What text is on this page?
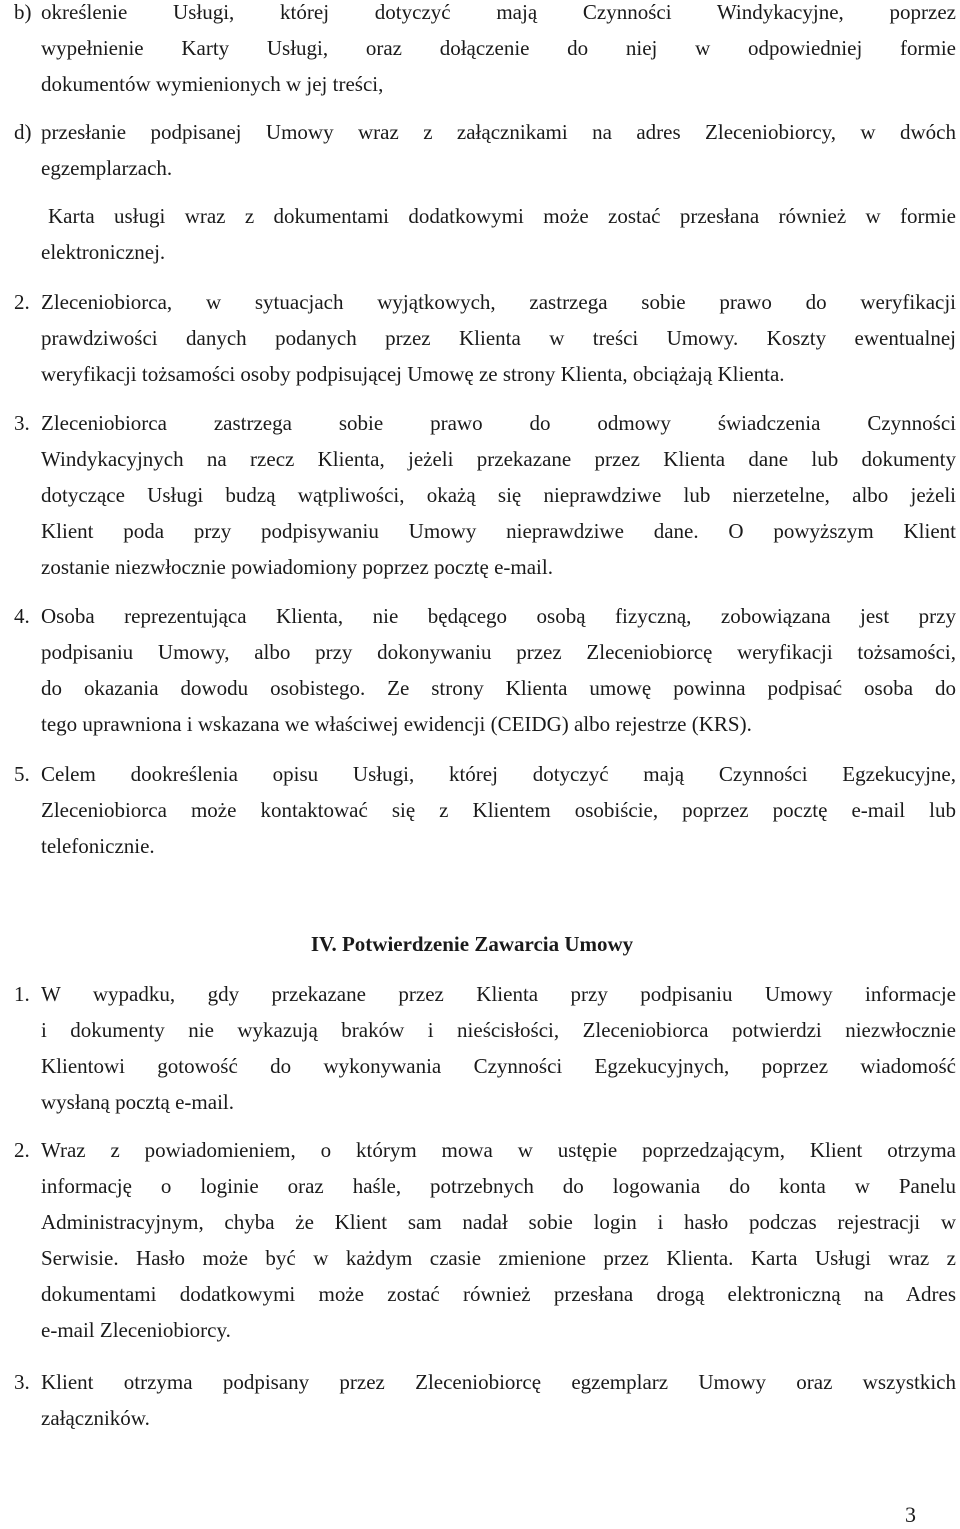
b) określenie Usługi, której dotyczyć mają Czynności Windykacyjne, poprzez
wypełnienie Karty Usługi, oraz dołączenie do niej w odpowiedniej formie
dokumentów wymienionych w jej treści,
d) przesłanie podpisanej Umowy wraz z załącznikami na adres Zleceniobiorcy, w dwóch
egzemplarzach.
Karta usługi wraz z dokumentami dodatkowymi może zostać przesłana również w formie
elektronicznej.
2. Zleceniobiorca, w sytuacjach wyjątkowych, zastrzega sobie prawo do weryfikacji
prawdziwości danych podanych przez Klienta w treści Umowy. Koszty ewentualnej
weryfikacji tożsamości osoby podpisującej Umowę ze strony Klienta, obciążają Klienta.
3. Zleceniobiorca zastrzega sobie prawo do odmowy świadczenia Czynności
Windykacyjnych na rzecz Klienta, jeżeli przekazane przez Klienta dane lub dokumenty
dotyczące Usługi budzą wątpliwości, okażą się nieprawdziwe lub nierzetelne, albo jeżeli
Klient poda przy podpisywaniu Umowy nieprawdziwe dane. O powyższym Klient
zostanie niezwłocznie powiadomiony poprzez pocztę e-mail.
4. Osoba reprezentująca Klienta, nie będącego osobą fizyczną, zobowiązana jest przy
podpisaniu Umowy, albo przy dokonywaniu przez Zleceniobiorcę weryfikacji tożsamości,
do okazania dowodu osobistego. Ze strony Klienta umowę powinna podpisać osoba do
tego uprawniona i wskazana we właściwej ewidencji (CEIDG) albo rejestrze (KRS).
5. Celem dookreślenia opisu Usługi, której dotyczyć mają Czynności Egzekucyjne,
Zleceniobiorca może kontaktować się z Klientem osobiście, poprzez pocztę e-mail lub
telefonicznie.
IV. Potwierdzenie Zawarcia Umowy
1. W wypadku, gdy przekazane przez Klienta przy podpisaniu Umowy informacje
i dokumenty nie wykazują braków i nieścisłości, Zleceniobiorca potwierdzi niezwłocznie
Klientowi gotowość do wykonywania Czynności Egzekucyjnych, poprzez wiadomość
wysłaną pocztą e-mail.
2. Wraz z powiadomieniem, o którym mowa w ustępie poprzedzającym, Klient otrzyma
informację o loginie oraz haśle, potrzebnych do logowania do konta w Panelu
Administracyjnym, chyba że Klient sam nadał sobie login i hasło podczas rejestracji w
Serwisie. Hasło może być w każdym czasie zmienione przez Klienta. Karta Usługi wraz z
dokumentami dodatkowymi może zostać również przesłana drogą elektroniczną na Adres
e-mail Zleceniobiorcy.
3. Klient otrzyma podpisany przez Zleceniobiorcę egzemplarz Umowy oraz wszystkich
załączników.
3
